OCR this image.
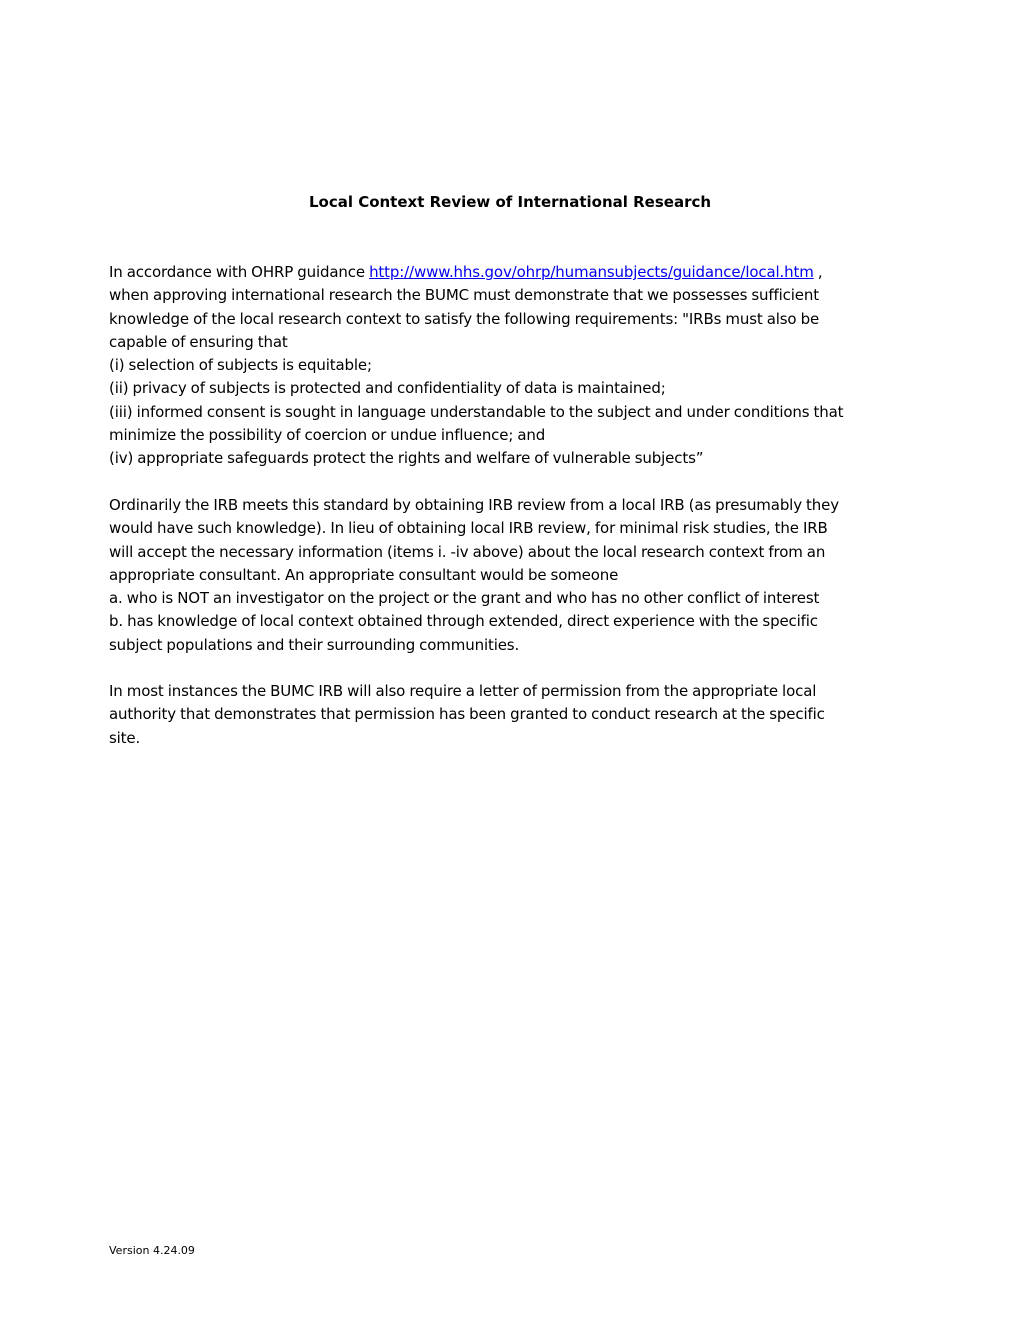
Local Context Review of International Research
In accordance with OHRP guidance http://www.hhs.gov/ohrp/humansubjects/guidance/local.htm ,
when approving international research the BUMC must demonstrate that we possesses sufficient
knowledge of the local research context to satisfy the following requirements: "IRBs must also be
capable of ensuring that
(i) selection of subjects is equitable;
(ii) privacy of subjects is protected and confidentiality of data is maintained;
(iii) informed consent is sought in language understandable to the subject and under conditions that
minimize the possibility of coercion or undue influence; and
(iv) appropriate safeguards protect the rights and welfare of vulnerable subjects”
Ordinarily the IRB meets this standard by obtaining IRB review from a local IRB (as presumably they
would have such knowledge). In lieu of obtaining local IRB review, for minimal risk studies, the IRB
will accept the necessary information (items i. -iv above) about the local research context from an
appropriate consultant. An appropriate consultant would be someone
a. who is NOT an investigator on the project or the grant and who has no other conflict of interest
b. has knowledge of local context obtained through extended, direct experience with the specific
subject populations and their surrounding communities.
In most instances the BUMC IRB will also require a letter of permission from the appropriate local
authority that demonstrates that permission has been granted to conduct research at the specific
site.
Version 4.24.09
